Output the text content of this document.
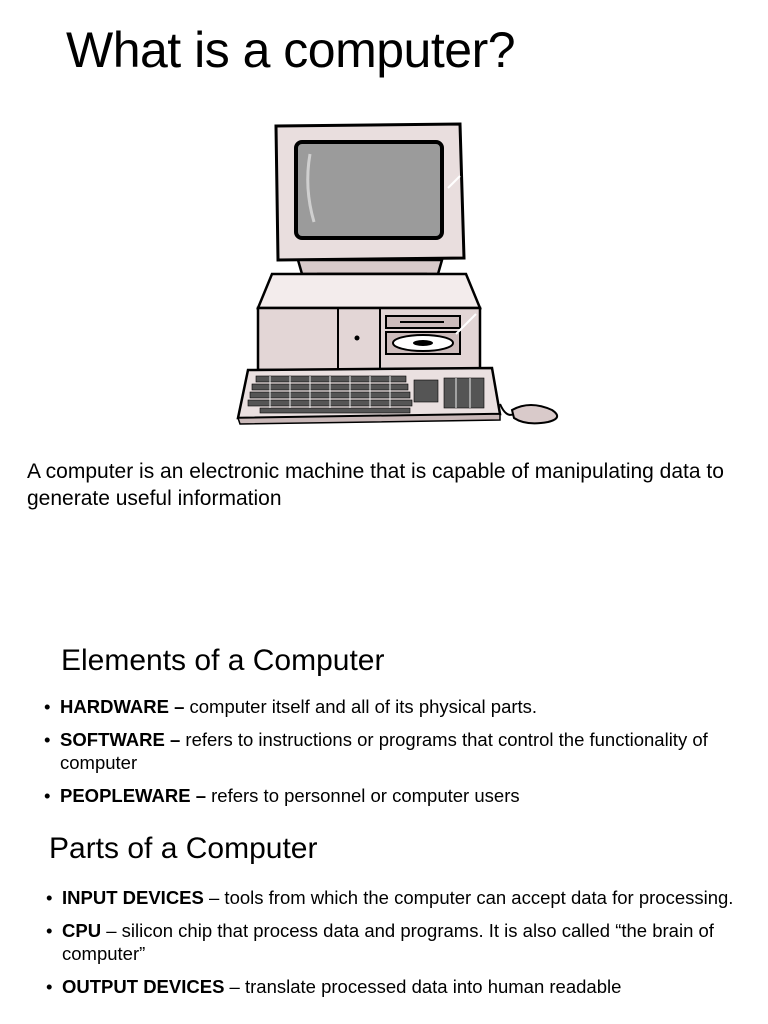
What is a computer?

A computer is an electronic machine that is capable of manipulating data to generate useful information

Elements of a Computer
• HARDWARE – computer itself and all of its physical parts.
• SOFTWARE – refers to instructions or programs that control the functionality of computer
• PEOPLEWARE – refers to personnel or computer users
Parts of a Computer
• INPUT DEVICES – tools from which the computer can accept data for processing.
• CPU – silicon chip that process data and programs. It is also called “the brain of computer”
• OUTPUT DEVICES – translate processed data into human readable
